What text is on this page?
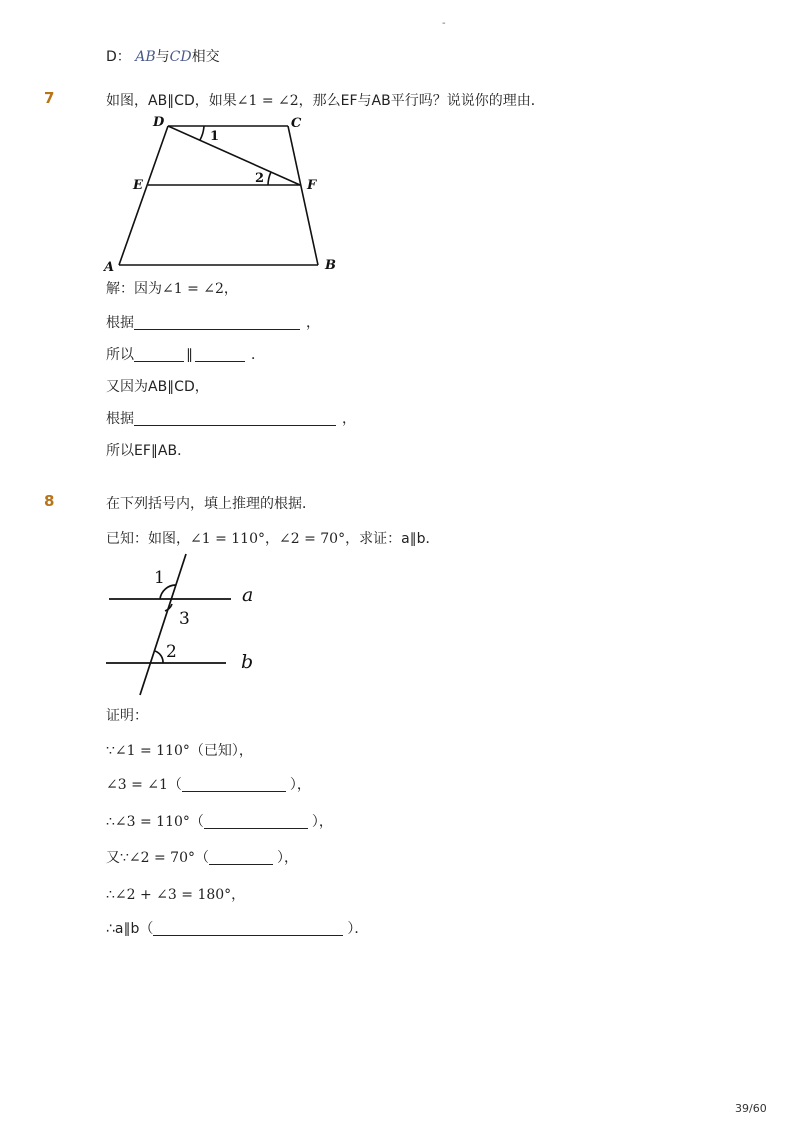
-
D： AB与CD相交
7	如图，AB∥CD，如果∠1 = ∠2，那么EF与AB平行吗？说说你的理由．
D	C
E	F
A	B
1
2
解：因为∠1 = ∠2，
根据	，
所以	∥	．
又因为AB∥CD，
根据	，
所以EF∥AB．
8	在下列括号内，填上推理的根据．
已知：如图，∠1 = 110°，∠2 = 70°，求证：a∥b．
1
3
2
a
b
证明：
∵∠1 = 110°（已知），
∠3 = ∠1（	），
∴∠3 = 110°（	），
又∵∠2 = 70°（	），
∴∠2 + ∠3 = 180°，
∴a∥b（	）．
39/60
